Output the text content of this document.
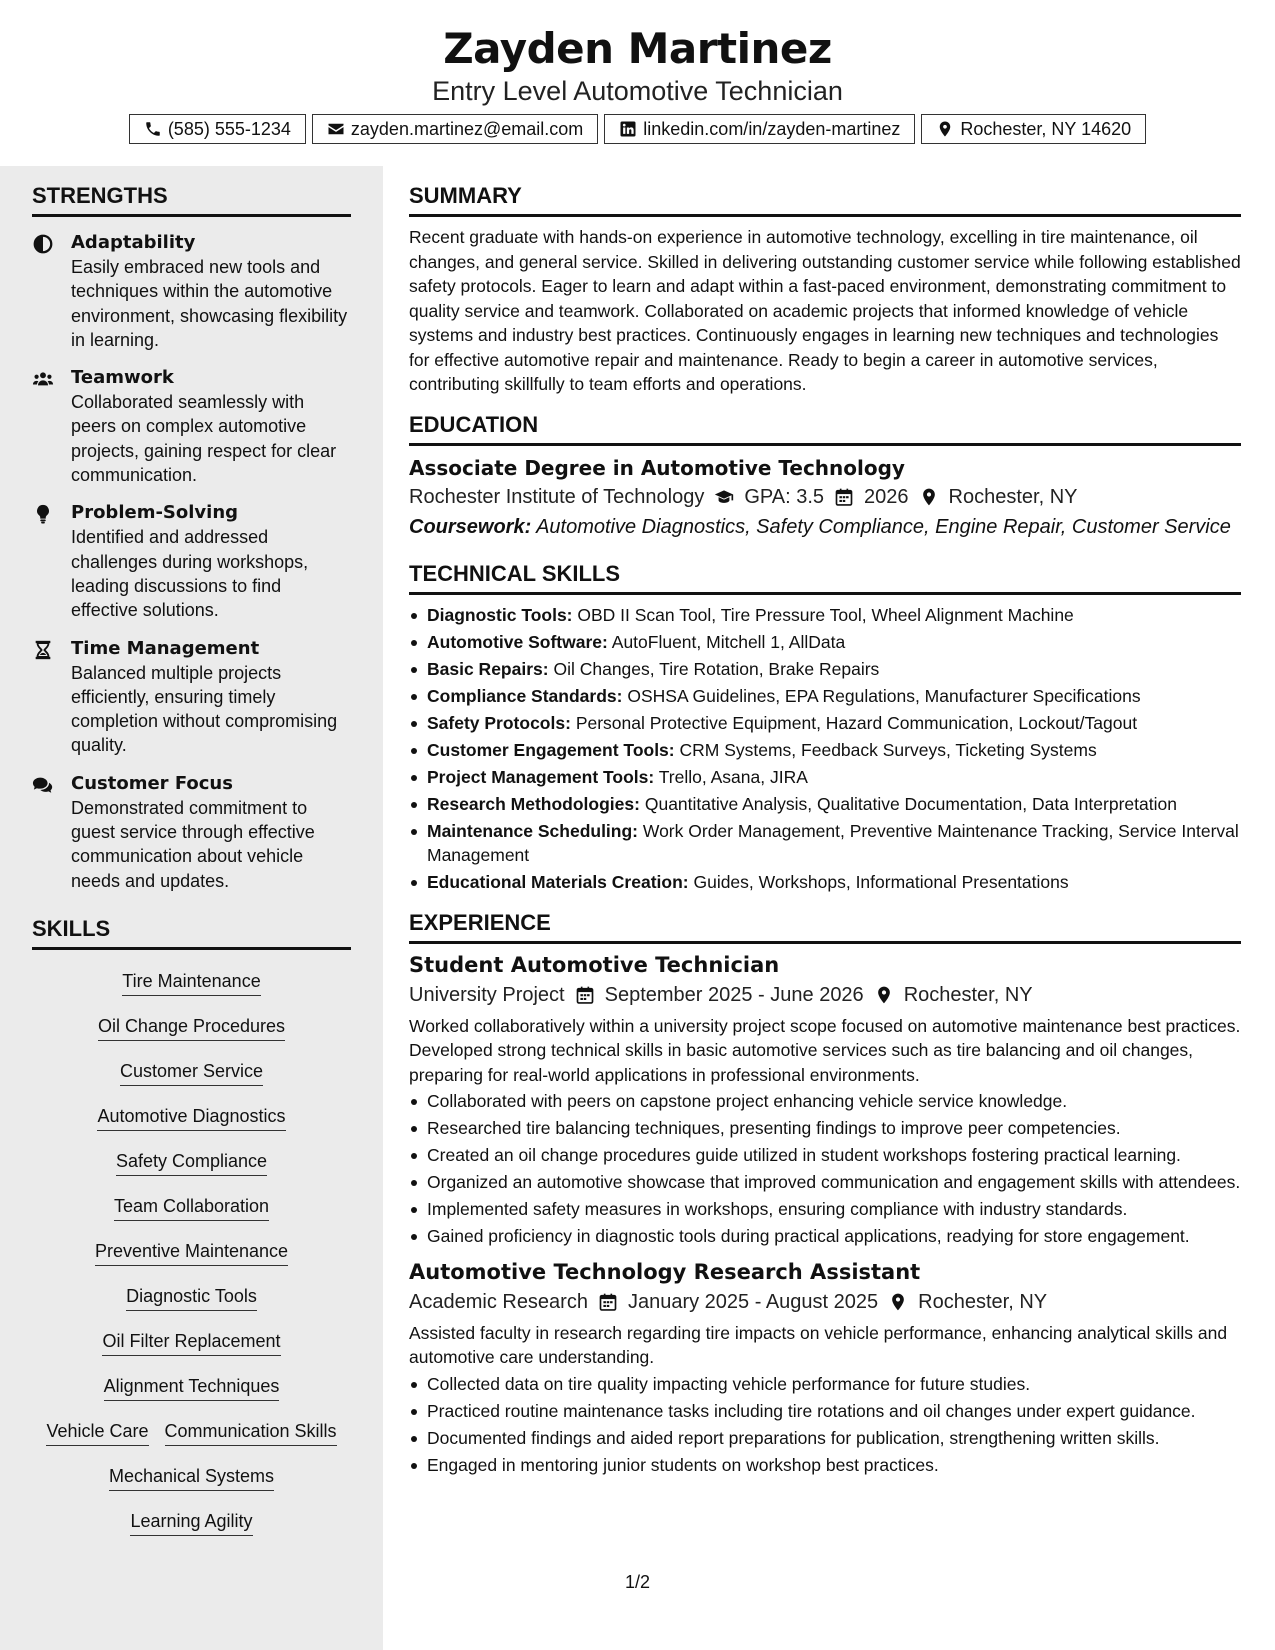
Zayden Martinez
Entry Level Automotive Technician
(585) 555-1234	zayden.martinez@email.com	linkedin.com/in/zayden-martinez	Rochester, NY 14620
STRENGTHS
Adaptability
Easily embraced new tools and techniques within the automotive environment, showcasing flexibility in learning.
Teamwork
Collaborated seamlessly with peers on complex automotive projects, gaining respect for clear communication.
Problem-Solving
Identified and addressed challenges during workshops, leading discussions to find effective solutions.
Time Management
Balanced multiple projects efficiently, ensuring timely completion without compromising quality.
Customer Focus
Demonstrated commitment to guest service through effective communication about vehicle needs and updates.
SKILLS
Tire Maintenance
Oil Change Procedures
Customer Service
Automotive Diagnostics
Safety Compliance
Team Collaboration
Preventive Maintenance
Diagnostic Tools
Oil Filter Replacement
Alignment Techniques
Vehicle Care Communication Skills
Mechanical Systems
Learning Agility
SUMMARY

Recent graduate with hands-on experience in automotive technology, excelling in tire maintenance, oil changes, and general service. Skilled in delivering outstanding customer service while following established safety protocols. Eager to learn and adapt within a fast-paced environment, demonstrating commitment to quality service and teamwork. Collaborated on academic projects that informed knowledge of vehicle systems and industry best practices. Continuously engages in learning new techniques and technologies for effective automotive repair and maintenance. Ready to begin a career in automotive services, contributing skillfully to team efforts and operations.

EDUCATION
Associate Degree in Automotive Technology
Rochester Institute of Technology GPA: 3.5 2026 Rochester, NY
Coursework: Automotive Diagnostics, Safety Compliance, Engine Repair, Customer Service
TECHNICAL SKILLS
Diagnostic Tools: OBD II Scan Tool, Tire Pressure Tool, Wheel Alignment Machine
Automotive Software: AutoFluent, Mitchell 1, AllData
Basic Repairs: Oil Changes, Tire Rotation, Brake Repairs
Compliance Standards: OSHSA Guidelines, EPA Regulations, Manufacturer Specifications
Safety Protocols: Personal Protective Equipment, Hazard Communication, Lockout/Tagout
Customer Engagement Tools: CRM Systems, Feedback Surveys, Ticketing Systems
Project Management Tools: Trello, Asana, JIRA
Research Methodologies: Quantitative Analysis, Qualitative Documentation, Data Interpretation
Maintenance Scheduling: Work Order Management, Preventive Maintenance Tracking, Service Interval Management
Educational Materials Creation: Guides, Workshops, Informational Presentations
EXPERIENCE
Student Automotive Technician
University Project September 2025 - June 2026 Rochester, NY

Worked collaboratively within a university project scope focused on automotive maintenance best practices. Developed strong technical skills in basic automotive services such as tire balancing and oil changes, preparing for real-world applications in professional environments.

Collaborated with peers on capstone project enhancing vehicle service knowledge.
Researched tire balancing techniques, presenting findings to improve peer competencies.
Created an oil change procedures guide utilized in student workshops fostering practical learning.
Organized an automotive showcase that improved communication and engagement skills with attendees.
Implemented safety measures in workshops, ensuring compliance with industry standards.
Gained proficiency in diagnostic tools during practical applications, readying for store engagement.
Automotive Technology Research Assistant
Academic Research January 2025 - August 2025 Rochester, NY

Assisted faculty in research regarding tire impacts on vehicle performance, enhancing analytical skills and automotive care understanding.

Collected data on tire quality impacting vehicle performance for future studies.
Practiced routine maintenance tasks including tire rotations and oil changes under expert guidance.
Documented findings and aided report preparations for publication, strengthening written skills.
Engaged in mentoring junior students on workshop best practices.
1/2
